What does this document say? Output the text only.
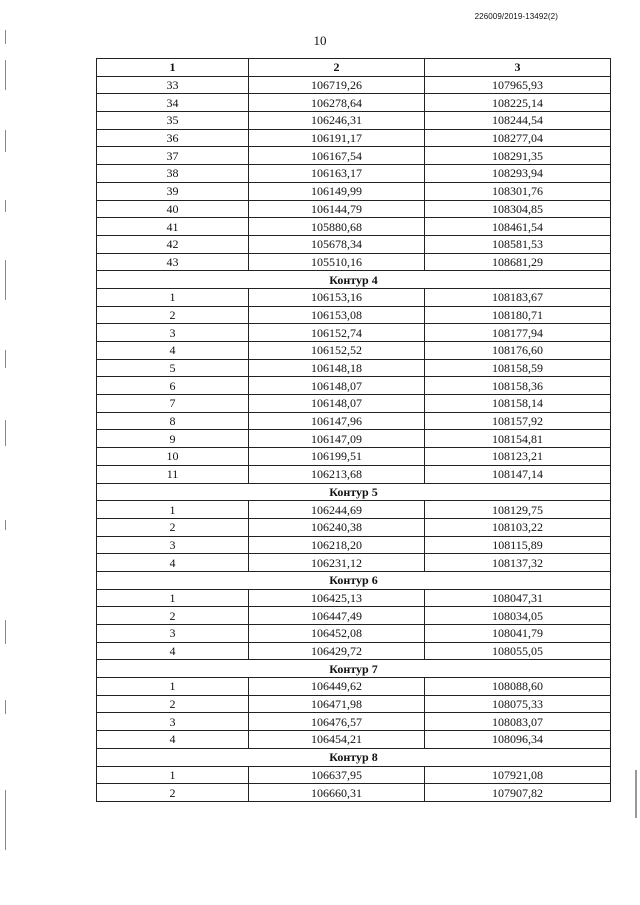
226009/2019-13492(2)
10
1	2	3
33	106719,26	107965,93
34	106278,64	108225,14
35	106246,31	108244,54
36	106191,17	108277,04
37	106167,54	108291,35
38	106163,17	108293,94
39	106149,99	108301,76
40	106144,79	108304,85
41	105880,68	108461,54
42	105678,34	108581,53
43	105510,16	108681,29
Контур 4		
1	106153,16	108183,67
2	106153,08	108180,71
3	106152,74	108177,94
4	106152,52	108176,60
5	106148,18	108158,59
6	106148,07	108158,36
7	106148,07	108158,14
8	106147,96	108157,92
9	106147,09	108154,81
10	106199,51	108123,21
11	106213,68	108147,14
Контур 5		
1	106244,69	108129,75
2	106240,38	108103,22
3	106218,20	108115,89
4	106231,12	108137,32
Контур 6		
1	106425,13	108047,31
2	106447,49	108034,05
3	106452,08	108041,79
4	106429,72	108055,05
Контур 7		
1	106449,62	108088,60
2	106471,98	108075,33
3	106476,57	108083,07
4	106454,21	108096,34
Контур 8		
1	106637,95	107921,08
2	106660,31	107907,82
